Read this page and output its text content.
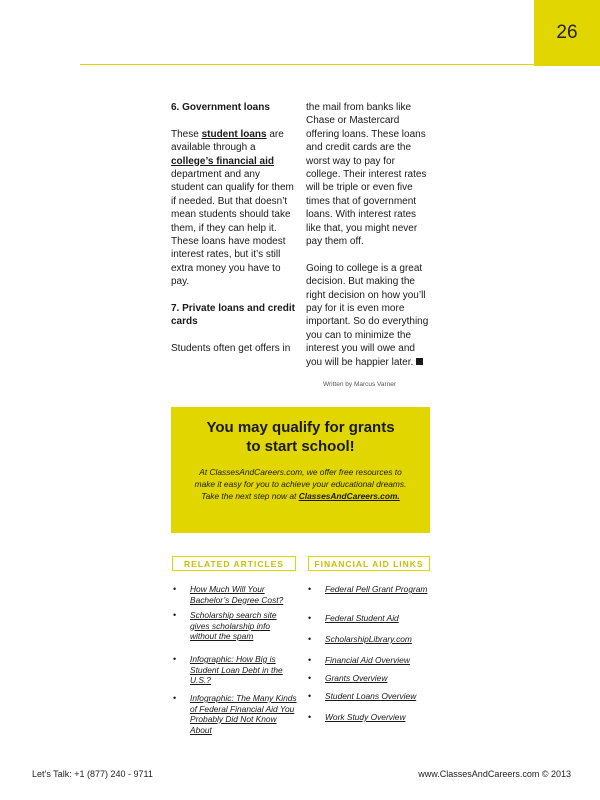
26
6. Government loans

These student loans are available through a college’s financial aid department and any student can qualify for them if needed. But that doesn’t mean students should take them, if they can help it. These loans have modest interest rates, but it’s still extra money you have to pay.

7. Private loans and credit cards

Students often get offers in

the mail from banks like Chase or Mastercard offering loans. These loans and credit cards are the worst way to pay for college. Their interest rates will be triple or even five times that of government loans. With interest rates like that, you might never pay them off.

Going to college is a great decision. But making the right decision on how you’ll pay for it is even more important. So do everything you can to minimize the interest you will owe and you will be happier later.

Written by Marcus Varner
You may qualify for grants
to start school!
At ClassesAndCareers.com, we offer free resources to make it easy for you to achieve your educational dreams. Take the next step now at ClassesAndCareers.com.
RELATED ARTICLES	FINANCIAL AID LINKS
• How Much Will Your Bachelor’s Degree Cost?
• Scholarship search site gives scholarship info without the spam
• Infographic: How Big is Student Loan Debt in the U.S.?
• Infographic: The Many Kinds of Federal Financial Aid You Probably Did Not Know About
• Federal Pell Grant Program
• Federal Student Aid
• ScholarshipLibrary.com
• Financial Aid Overview
• Grants Overview
• Student Loans Overview
• Work Study Overview
Let’s Talk: +1 (877) 240 - 9711	www.ClassesAndCareers.com © 2013
